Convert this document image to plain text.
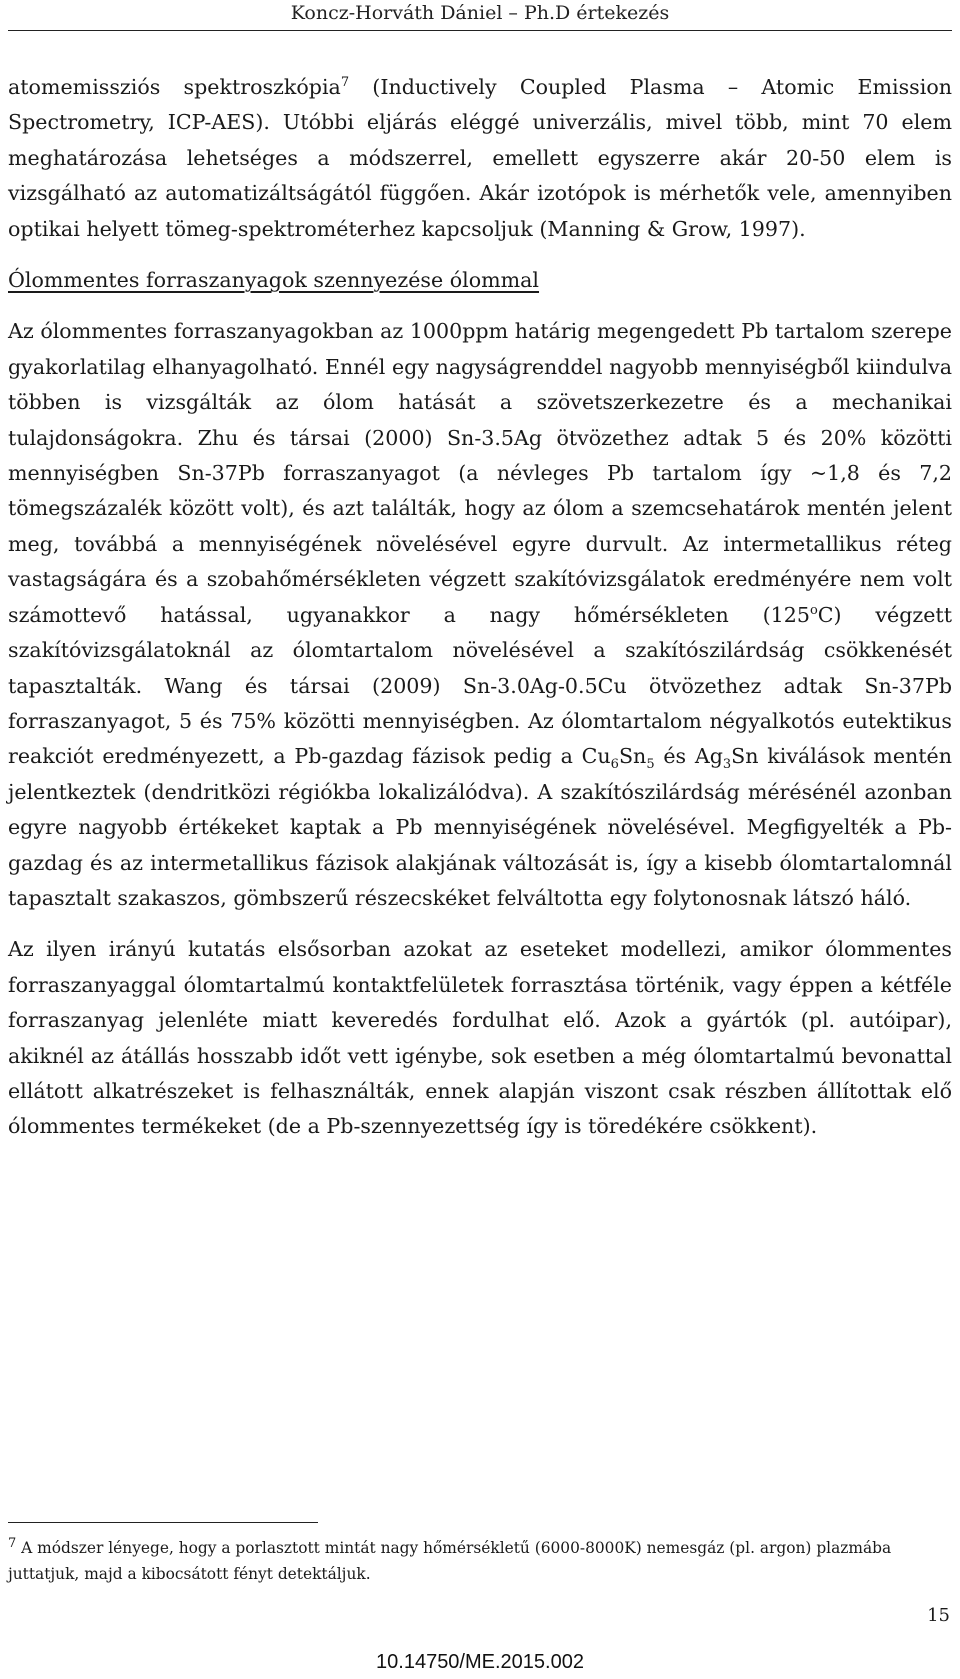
Koncz-Horváth Dániel – Ph.D értekezés

atomemissziós spektroszkópia$^7$ (Inductively Coupled Plasma – Atomic Emission Spectrometry, ICP-AES). Utóbbi eljárás eléggé univerzális, mivel több, mint 70 elem meghatározása lehetséges a módszerrel, emellett egyszerre akár 20-50 elem is vizsgálható az automatizáltságától függően. Akár izotópok is mérhetők vele, amennyiben optikai helyett tömeg-spektrométerhez kapcsoljuk (Manning & Grow, 1997).

Ólommentes forraszanyagok szennyezése ólommal

Az ólommentes forraszanyagokban az 1000ppm határig megengedett Pb tartalom szerepe gyakorlatilag elhanyagolható. Ennél egy nagyságrenddel nagyobb mennyiségből kiindulva többen is vizsgálták az ólom hatását a szövetszerkezetre és a mechanikai tulajdonságokra. Zhu és társai (2000) Sn-3.5Ag ötvözethez adtak 5 és 20% közötti mennyiségben Sn-37Pb forraszanyagot (a névleges Pb tartalom így ~1,8 és 7,2 tömegszázalék között volt), és azt találták, hogy az ólom a szemcsehatárok mentén jelent meg, továbbá a mennyiségének növelésével egyre durvult. Az intermetallikus réteg vastagságára és a szobahőmérsékleten végzett szakítóvizsgálatok eredményére nem volt számottevő hatással, ugyanakkor a nagy hőmérsékleten (125$^o$C) végzett szakítóvizsgálatoknál az ólomtartalom növelésével a szakítószilárdság csökkenését tapasztalták. Wang és társai (2009) Sn-3.0Ag-0.5Cu ötvözethez adtak Sn-37Pb forraszanyagot, 5 és 75% közötti mennyiségben. Az ólomtartalom négyalkotós eutektikus reakciót eredményezett, a Pb-gazdag fázisok pedig a $Cu_6Sn_5$ és $Ag_3Sn$ kiválások mentén jelentkeztek (dendritközi régiókba lokalizálódva). A szakítószilárdság mérésénél azonban egyre nagyobb értékeket kaptak a Pb mennyiségének növelésével. Megfigyelték a Pb-gazdag és az intermetallikus fázisok alakjának változását is, így a kisebb ólomtartalomnál tapasztalt szakaszos, gömbszerű részecskéket felváltotta egy folytonosnak látszó háló.

Az ilyen irányú kutatás elsősorban azokat az eseteket modellezi, amikor ólommentes forraszanyaggal ólomtartalmú kontaktfelületek forrasztása történik, vagy éppen a kétféle forraszanyag jelenléte miatt keveredés fordulhat elő. Azok a gyártók (pl. autóipar), akiknél az átállás hosszabb időt vett igénybe, sok esetben a még ólomtartalmú bevonattal ellátott alkatrészeket is felhasználták, ennek alapján viszont csak részben állítottak elő ólommentes termékeket (de a Pb-szennyezettség így is töredékére csökkent).

$^7$ A módszer lényege, hogy a porlasztott mintát nagy hőmérsékletű (6000-8000K) nemesgáz (pl. argon) plazmába juttatjuk, majd a kibocsátott fényt detektáljuk.
15
10.14750/ME.2015.002
